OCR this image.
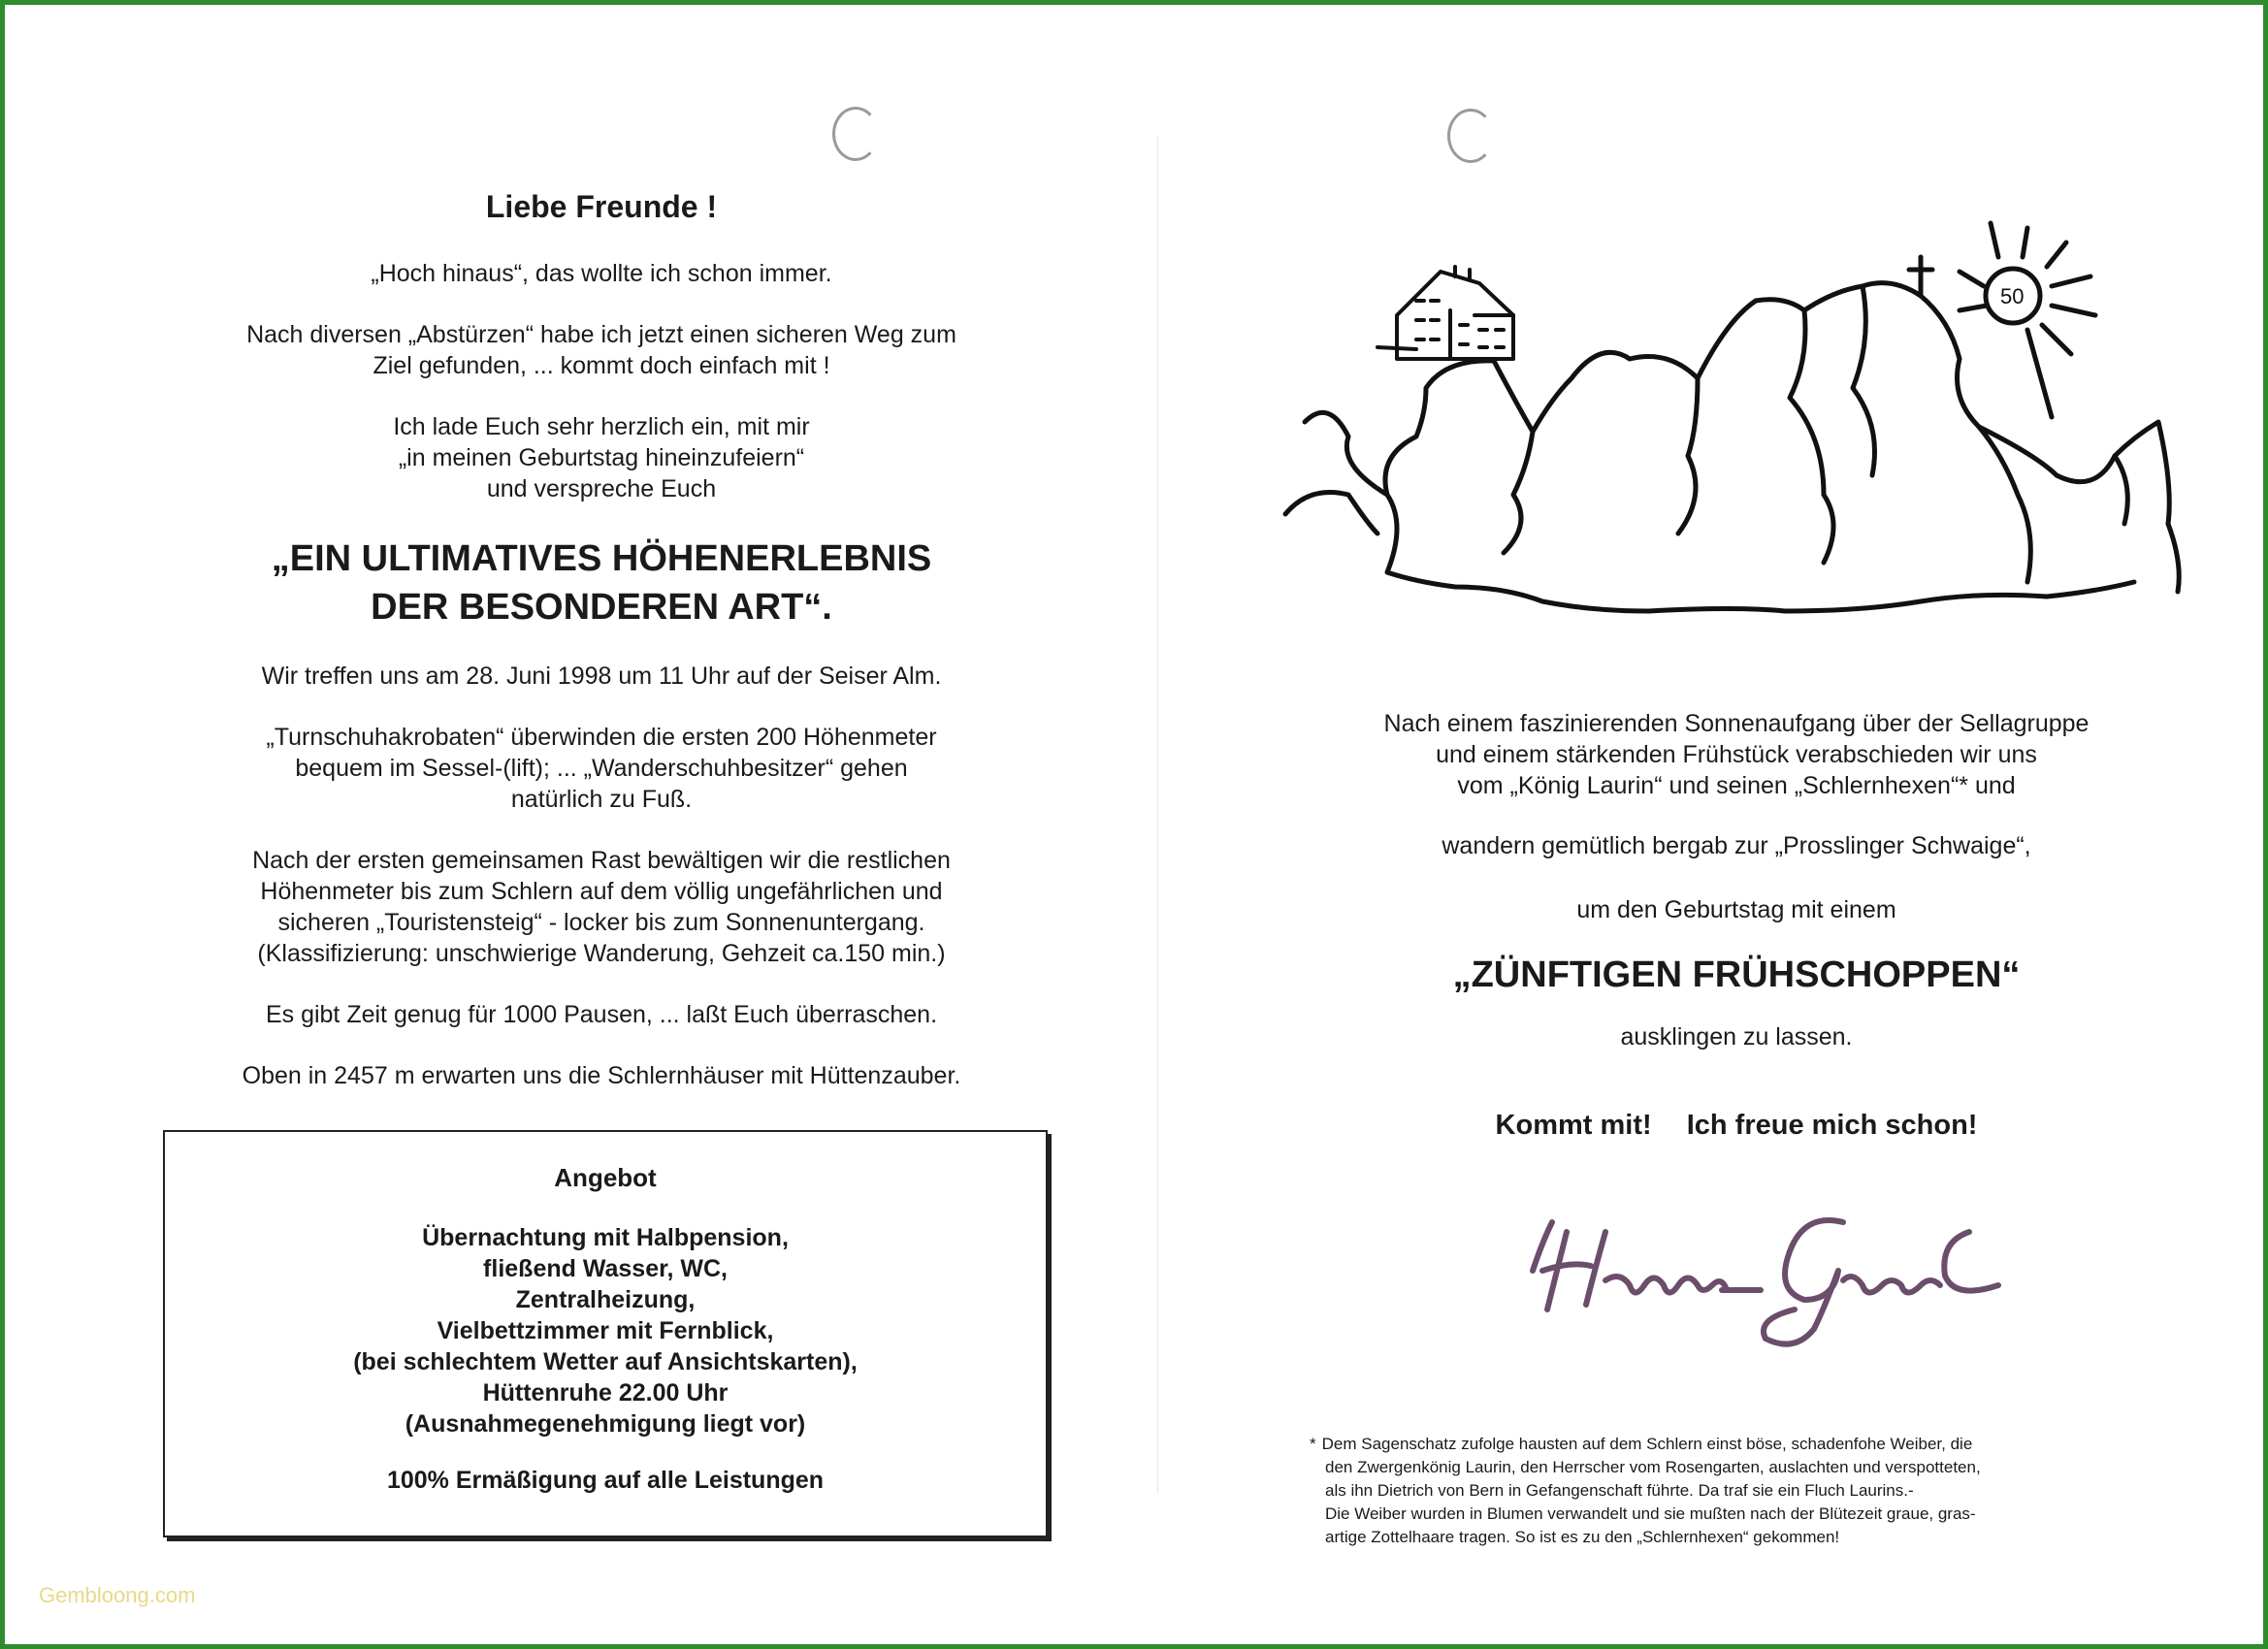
Liebe Freunde !

„Hoch hinaus“, das wollte ich schon immer.

Nach diversen „Abstürzen“ habe ich jetzt einen sicheren Weg zum
Ziel gefunden, ... kommt doch einfach mit !
Ich lade Euch sehr herzlich ein, mit mir
„in meinen Geburtstag hineinzufeiern“
und verspreche Euch
„EIN ULTIMATIVES HÖHENERLEBNIS
DER BESONDEREN ART“.

Wir treffen uns am 28. Juni 1998 um 11 Uhr auf der Seiser Alm.

„Turnschuhakrobaten“ überwinden die ersten 200 Höhenmeter
bequem im Sessel-(lift); ... „Wanderschuhbesitzer“ gehen
natürlich zu Fuß.
Nach der ersten gemeinsamen Rast bewältigen wir die restlichen
Höhenmeter bis zum Schlern auf dem völlig ungefährlichen und
sicheren „Touristensteig“ - locker bis zum Sonnenuntergang.
(Klassifizierung: unschwierige Wanderung, Gehzeit ca.150 min.)

Es gibt Zeit genug für 1000 Pausen, ... laßt Euch überraschen.

Oben in 2457 m erwarten uns die Schlernhäuser mit Hüttenzauber.

Angebot
Übernachtung mit Halbpension,
fließend Wasser, WC,
Zentralheizung,
Vielbettzimmer mit Fernblick,
(bei schlechtem Wetter auf Ansichtskarten),
Hüttenruhe 22.00 Uhr
(Ausnahmegenehmigung liegt vor)
100% Ermäßigung auf alle Leistungen
50
Nach einem faszinierenden Sonnenaufgang über der Sellagruppe
und einem stärkenden Frühstück verabschieden wir uns
vom „König Laurin“ und seinen „Schlernhexen“* und

wandern gemütlich bergab zur „Prosslinger Schwaige“,

um den Geburtstag mit einem

„ZÜNFTIGEN FRÜHSCHOPPEN“

ausklingen zu lassen.

Kommt mit! Ich freue mich schon!

* Dem Sagenschatz zufolge hausten auf dem Schlern einst böse, schadenfohe Weiber, die
den Zwergenkönig Laurin, den Herrscher vom Rosengarten, auslachten und verspotteten,
als ihn Dietrich von Bern in Gefangenschaft führte. Da traf sie ein Fluch Laurins.-
Die Weiber wurden in Blumen verwandelt und sie mußten nach der Blütezeit graue, gras-
artige Zottelhaare tragen. So ist es zu den „Schlernhexen“ gekommen!
Gembloong.com
